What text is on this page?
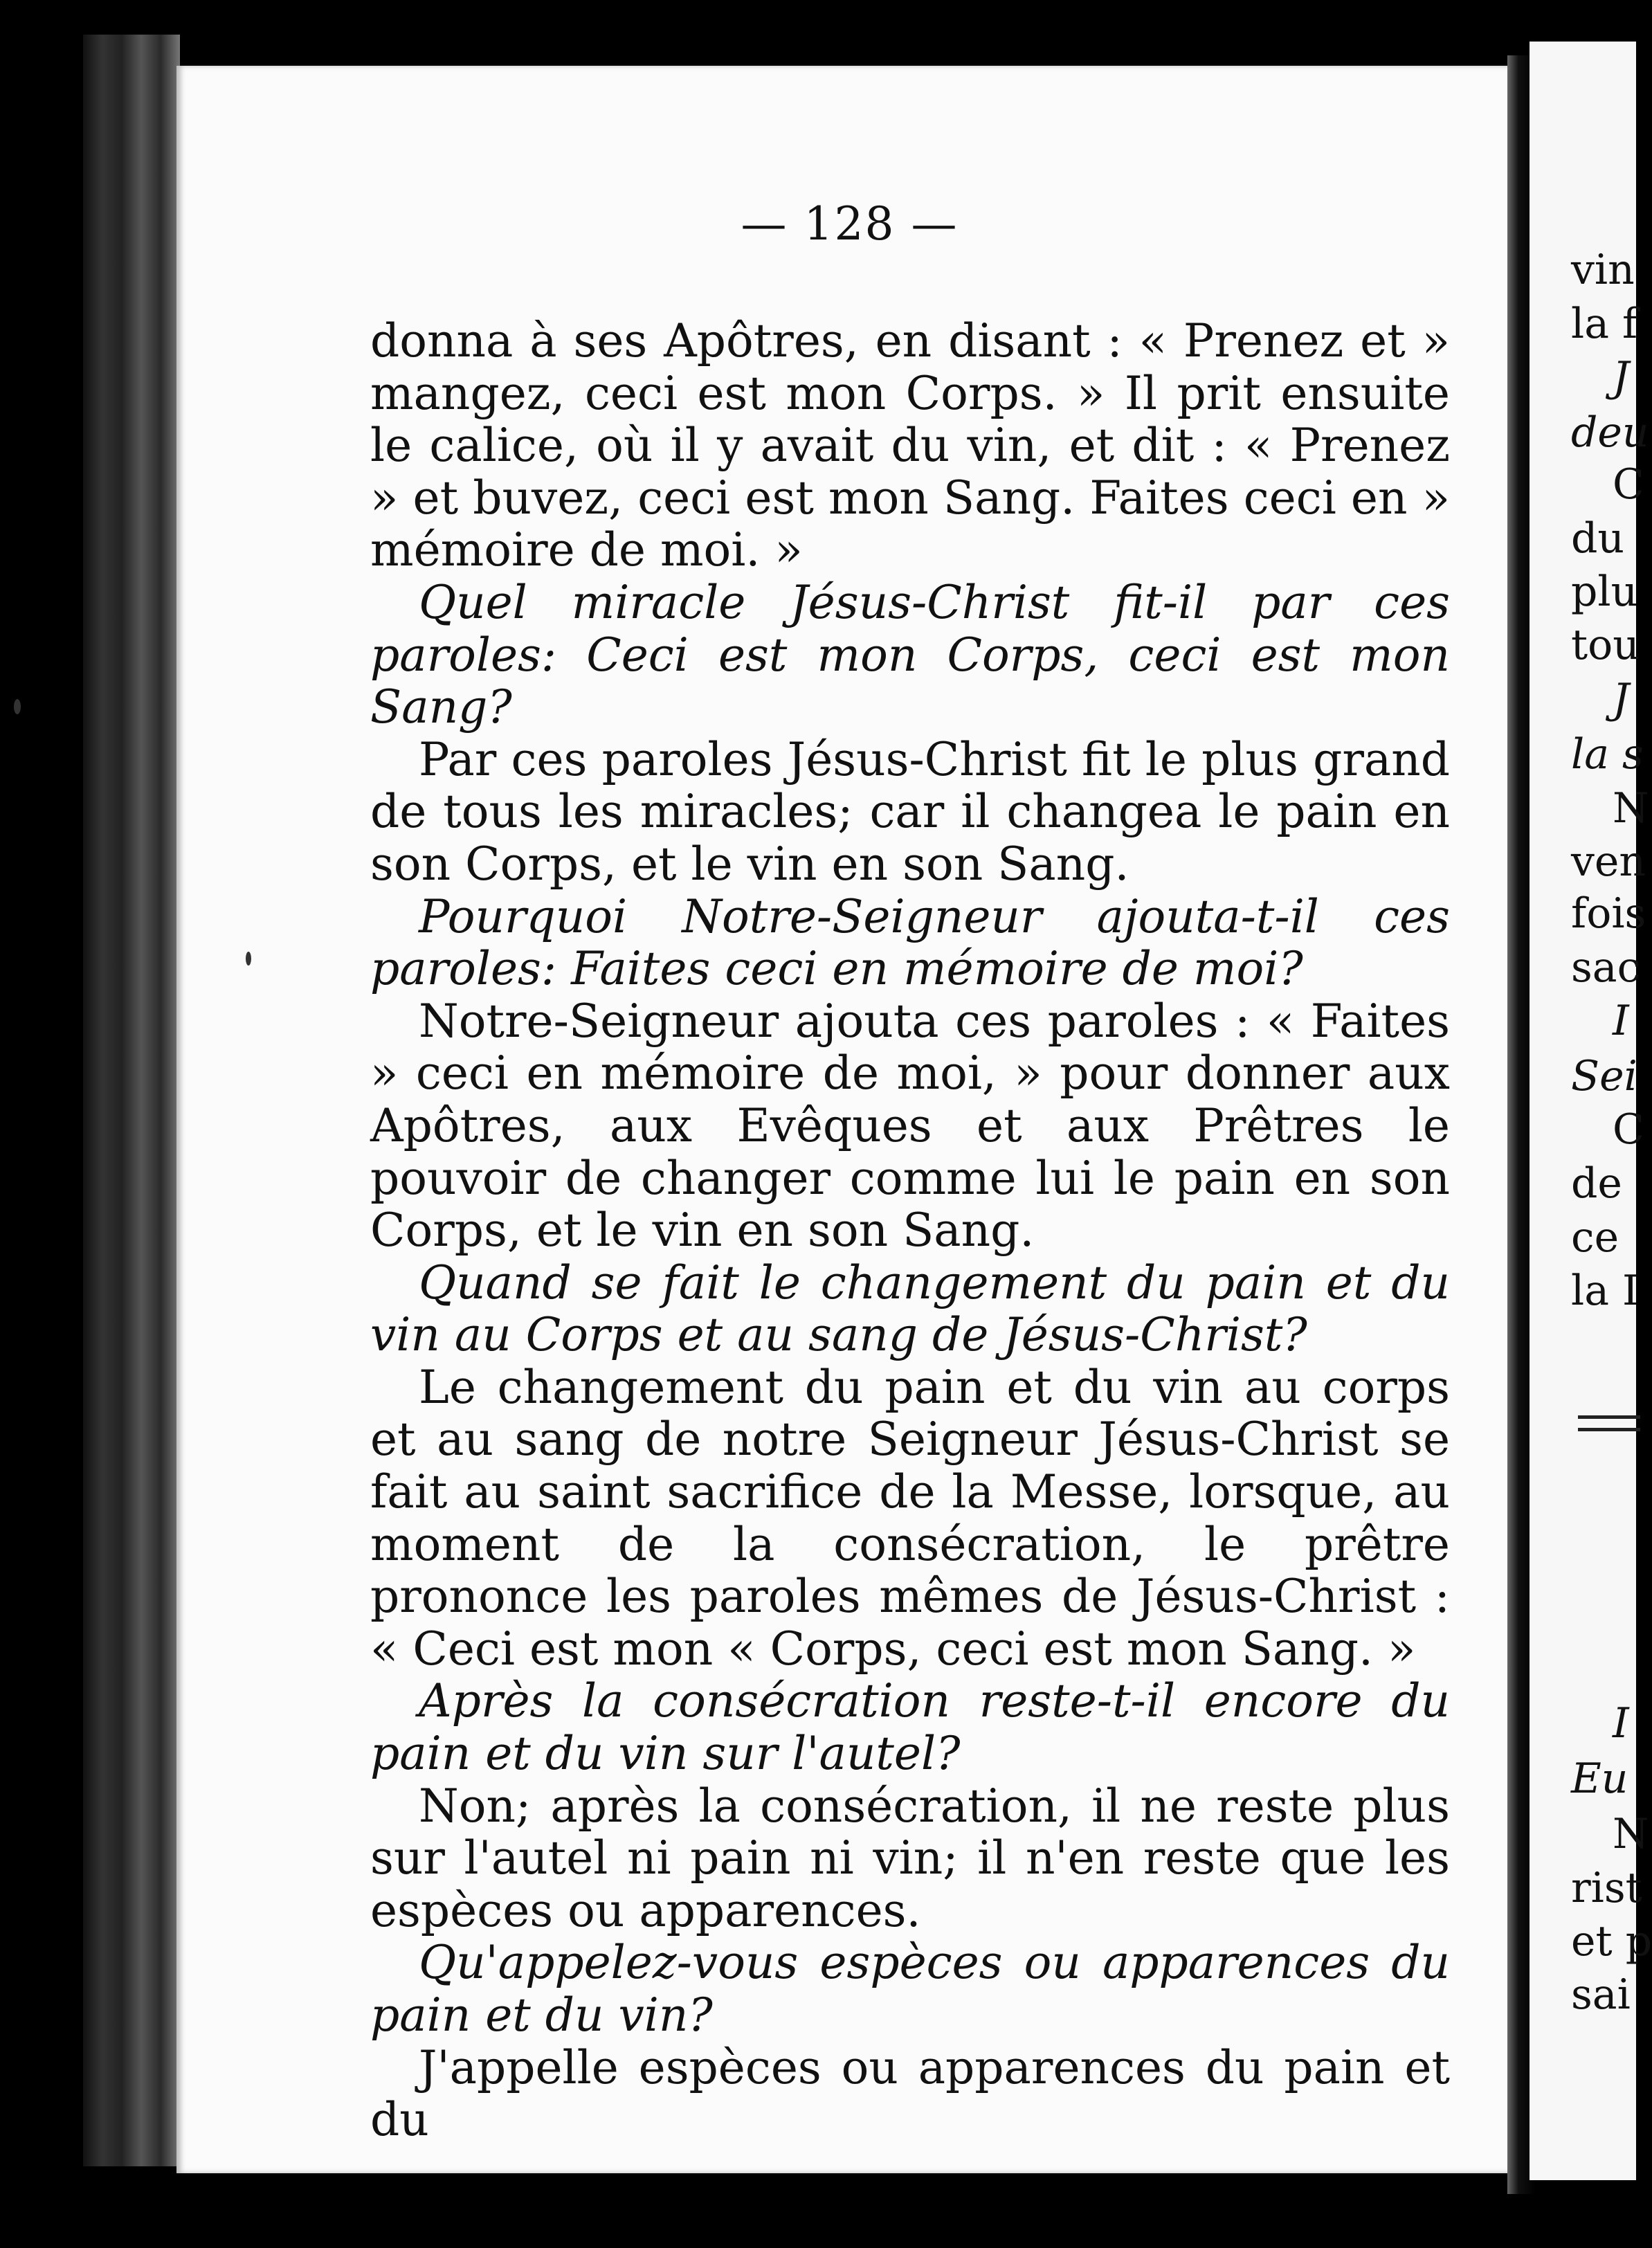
— 128 —

donna à ses Apôtres, en disant : « Prenez et » mangez, ceci est mon Corps. » Il prit ensuite le calice, où il y avait du vin, et dit : « Prenez » et buvez, ceci est mon Sang. Faites ceci en » mémoire de moi. »

Quel miracle Jésus-Christ fit-il par ces paroles: Ceci est mon Corps, ceci est mon Sang?

Par ces paroles Jésus-Christ fit le plus grand de tous les miracles; car il changea le pain en son Corps, et le vin en son Sang.

Pourquoi Notre-Seigneur ajouta-t-il ces paroles: Faites ceci en mémoire de moi?

Notre-Seigneur ajouta ces paroles : « Faites » ceci en mémoire de moi, » pour donner aux Apôtres, aux Evêques et aux Prêtres le pouvoir de changer comme lui le pain en son Corps, et le vin en son Sang.

Quand se fait le changement du pain et du vin au Corps et au sang de Jésus-Christ?

Le changement du pain et du vin au corps et au sang de notre Seigneur Jésus-Christ se fait au saint sacrifice de la Messe, lorsque, au moment de la consécration, le prêtre prononce les paroles mêmes de Jésus-Christ : « Ceci est mon « Corps, ceci est mon Sang. »

Après la consécration reste-t-il encore du pain et du vin sur l'autel?

Non; après la consécration, il ne reste plus sur l'autel ni pain ni vin; il n'en reste que les espèces ou apparences.

Qu'appelez-vous espèces ou apparences du pain et du vin?

J'appelle espèces ou apparences du pain et du

vin
la f
J
deu
C
du
plu
tou
J
la s
N
ven
fois
sac
I
Sei
C
de
ce
la I
I
Eu
N
rist
et p
sai
